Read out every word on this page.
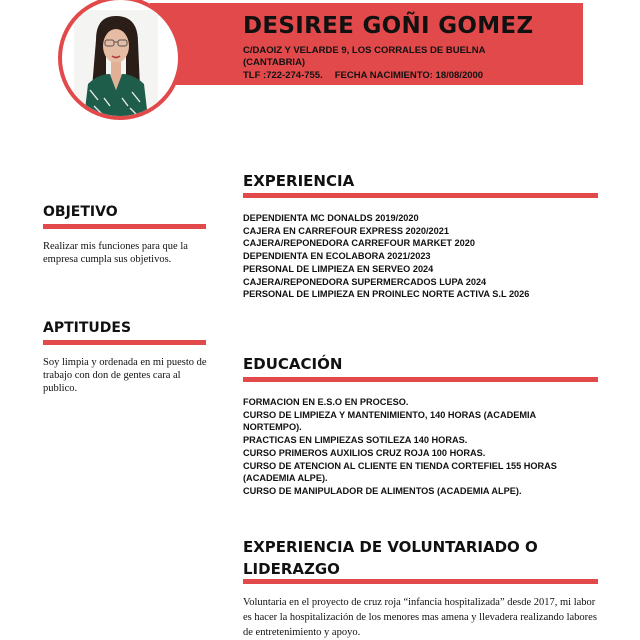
DESIREE GOÑI GOMEZ

C/DAOIZ Y VELARDE 9, LOS CORRALES DE BUELNA (CANTABRIA)

TLF :722-274-755. FECHA NACIMIENTO: 18/08/2000

OBJETIVO

Realizar mis funciones para que la empresa cumpla sus objetivos.

APTITUDES

Soy limpia y ordenada en mi puesto de trabajo con don de gentes cara al publico.

EXPERIENCIA
DEPENDIENTA MC DONALDS 2019/2020
CAJERA EN CARREFOUR EXPRESS 2020/2021
CAJERA/REPONEDORA CARREFOUR MARKET 2020
DEPENDIENTA EN ECOLABORA 2021/2023
PERSONAL DE LIMPIEZA EN SERVEO 2024
CAJERA/REPONEDORA SUPERMERCADOS LUPA 2024
PERSONAL DE LIMPIEZA EN PROINLEC NORTE ACTIVA S.L 2026
EDUCACIÓN
FORMACION EN E.S.O EN PROCESO.
CURSO DE LIMPIEZA Y MANTENIMIENTO, 140 HORAS (ACADEMIA NORTEMPO).
PRACTICAS EN LIMPIEZAS SOTILEZA 140 HORAS.
CURSO PRIMEROS AUXILIOS CRUZ ROJA 100 HORAS.
CURSO DE ATENCION AL CLIENTE EN TIENDA CORTEFIEL 155 HORAS (ACADEMIA ALPE).
CURSO DE MANIPULADOR DE ALIMENTOS (ACADEMIA ALPE).
EXPERIENCIA DE VOLUNTARIADO O LIDERAZGO

Voluntaria en el proyecto de cruz roja “infancia hospitalizada” desde 2017, mi labor es hacer la hospitalización de los menores mas amena y llevadera realizando labores de entretenimiento y apoyo.
